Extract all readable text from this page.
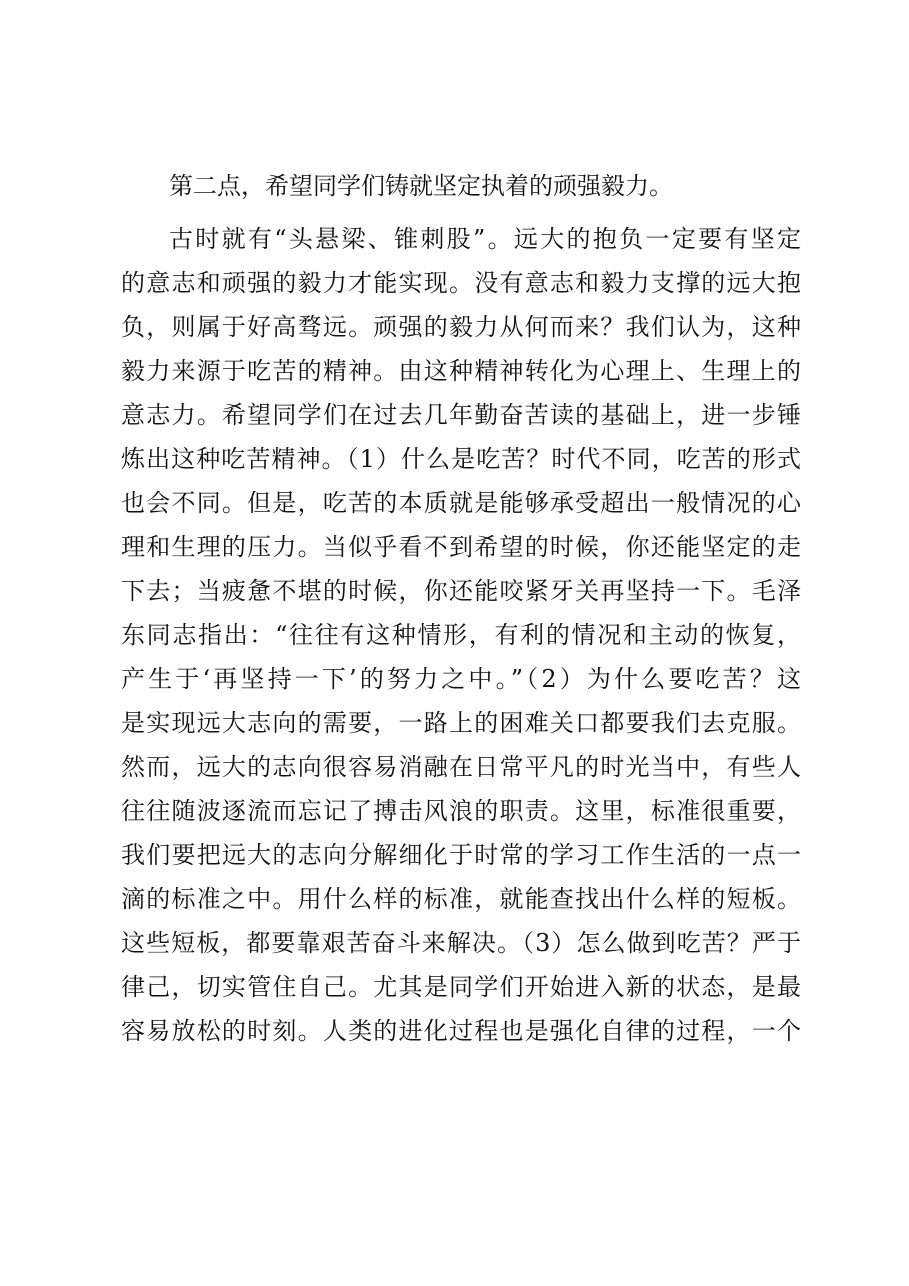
第二点，希望同学们铸就坚定执着的顽强毅力。
古时就有“头悬梁、锥刺股”。远大的抱负一定要有坚定
的意志和顽强的毅力才能实现。没有意志和毅力支撑的远大抱
负，则属于好高骛远。顽强的毅力从何而来？我们认为，这种
毅力来源于吃苦的精神。由这种精神转化为心理上、生理上的
意志力。希望同学们在过去几年勤奋苦读的基础上，进一步锤
炼出这种吃苦精神。（1）什么是吃苦？时代不同，吃苦的形式
也会不同。但是，吃苦的本质就是能够承受超出一般情况的心
理和生理的压力。当似乎看不到希望的时候，你还能坚定的走
下去；当疲惫不堪的时候，你还能咬紧牙关再坚持一下。毛泽
东同志指出：“往往有这种情形，有利的情况和主动的恢复，
产生于‘再坚持一下’的努力之中。”（2）为什么要吃苦？这
是实现远大志向的需要，一路上的困难关口都要我们去克服。
然而，远大的志向很容易消融在日常平凡的时光当中，有些人
往往随波逐流而忘记了搏击风浪的职责。这里，标准很重要，
我们要把远大的志向分解细化于时常的学习工作生活的一点一
滴的标准之中。用什么样的标准，就能查找出什么样的短板。
这些短板，都要靠艰苦奋斗来解决。（3）怎么做到吃苦？严于
律己，切实管住自己。尤其是同学们开始进入新的状态，是最
容易放松的时刻。人类的进化过程也是强化自律的过程，一个
